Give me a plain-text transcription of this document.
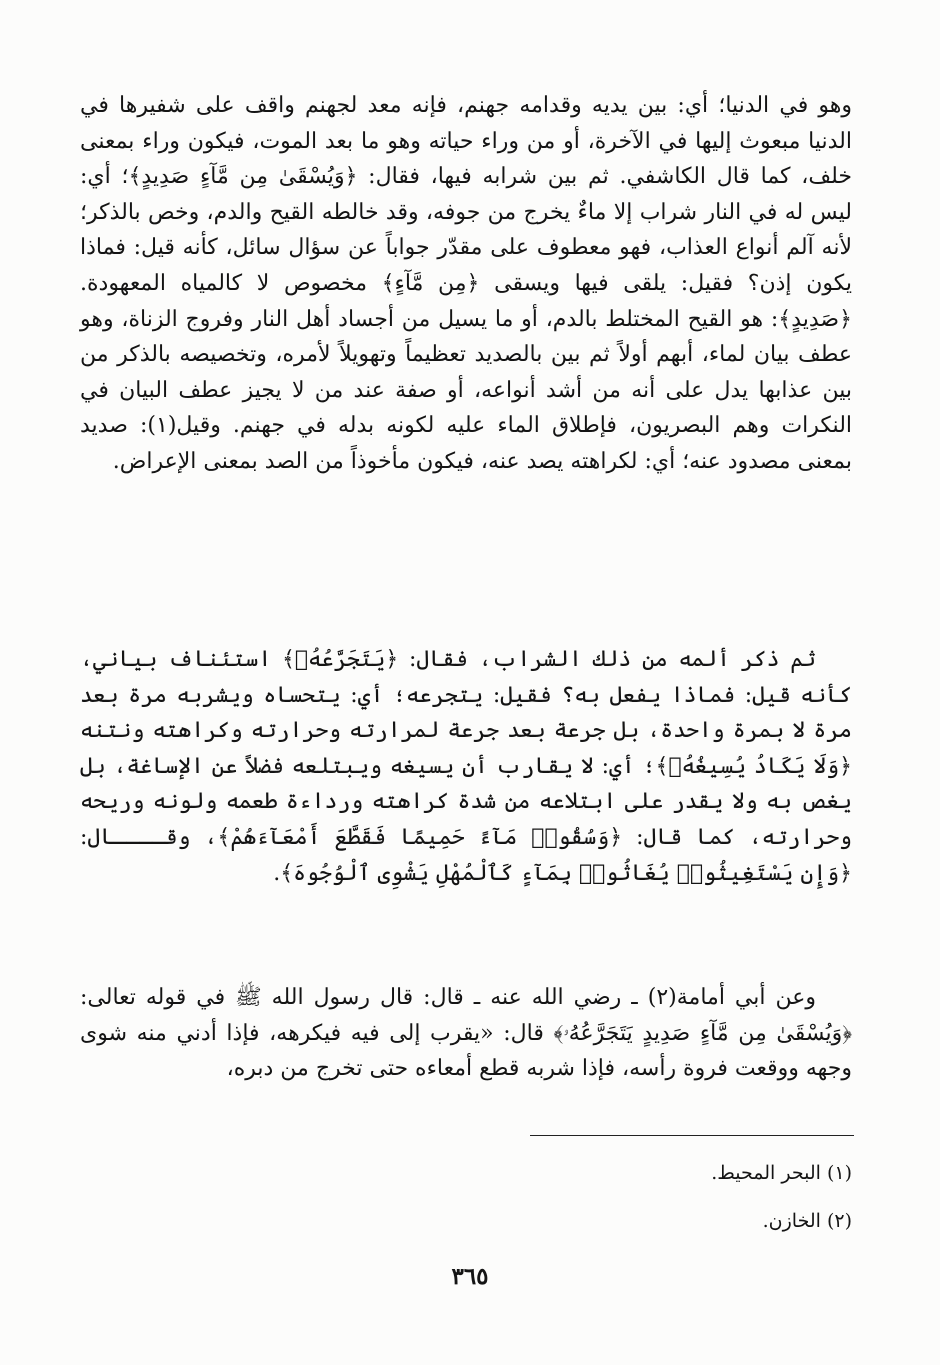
وهو في الدنيا؛ أي: بين يديه وقدامه جهنم، فإنه معد لجهنم واقف على شفيرها في الدنيا مبعوث إليها في الآخرة، أو من وراء حياته وهو ما بعد الموت، فيكون وراء بمعنى خلف، كما قال الكاشفي. ثم بين شرابه فيها، فقال: ﴿وَيُسْقَىٰ مِن مَّآءٍ صَدِيدٍ﴾؛ أي: ليس له في النار شراب إلا ماءٌ يخرج من جوفه، وقد خالطه القيح والدم، وخص بالذكر؛ لأنه آلم أنواع العذاب، فهو معطوف على مقدّر جواباً عن سؤال سائل، كأنه قيل: فماذا يكون إذن؟ فقيل: يلقى فيها ويسقى ﴿مِن مَّآءٍ﴾ مخصوص لا كالمياه المعهودة. ﴿صَدِيدٍ﴾: هو القيح المختلط بالدم، أو ما يسيل من أجساد أهل النار وفروج الزناة، وهو عطف بيان لماء، أبهم أولاً ثم بين بالصديد تعظيماً وتهويلاً لأمره، وتخصيصه بالذكر من بين عذابها يدل على أنه من أشد أنواعه، أو صفة عند من لا يجيز عطف البيان في النكرات وهم البصريون، فإطلاق الماء عليه لكونه بدله في جهنم. وقيل(١): صديد بمعنى مصدود عنه؛ أي: لكراهته يصد عنه، فيكون مأخوذاً من الصد بمعنى الإعراض.

ثم ذكر ألمه من ذلك الشراب، فقال: ﴿يَتَجَرَّعُهُۥ﴾ استئناف بياني، كأنه قيل: فماذا يفعل به؟ فقيل: يتجرعه؛ أي: يتحساه ويشربه مرة بعد مرة لا بمرة واحدة، بل جرعة بعد جرعة لمرارته وحرارته وكراهته ونتنه ﴿وَلَا يَكَادُ يُسِيغُهُۥ﴾؛ أي: لا يقارب أن يسيغه ويبتلعه فضلاً عن الإساغة، بل يغص به ولا يقدر على ابتلاعه من شدة كراهته ورداءة طعمه ولونه وريحه وحرارته، كما قال: ﴿وَسُقُوا۟ مَآءً حَمِيمًا فَقَطَّعَ أَمْعَآءَهُمْ﴾، وقــــال: ﴿وَإِن يَسْتَغِيثُوا۟ يُغَاثُوا۟ بِمَآءٍ كَٱلْمُهْلِ يَشْوِى ٱلْوُجُوهَ﴾.

وعن أبي أمامة(٢) ـ رضي الله عنه ـ قال: قال رسول الله ﷺ في قوله تعالى: ﴿وَيُسْقَىٰ مِن مَّآءٍ صَدِيدٍ يَتَجَرَّعُهُۥ﴾ قال: «يقرب إلى فيه فيكرهه، فإذا أدني منه شوى وجهه ووقعت فروة رأسه، فإذا شربه قطع أمعاءه حتى تخرج من دبره،

(١) البحر المحيط.
(٢) الخازن.
٣٦٥
